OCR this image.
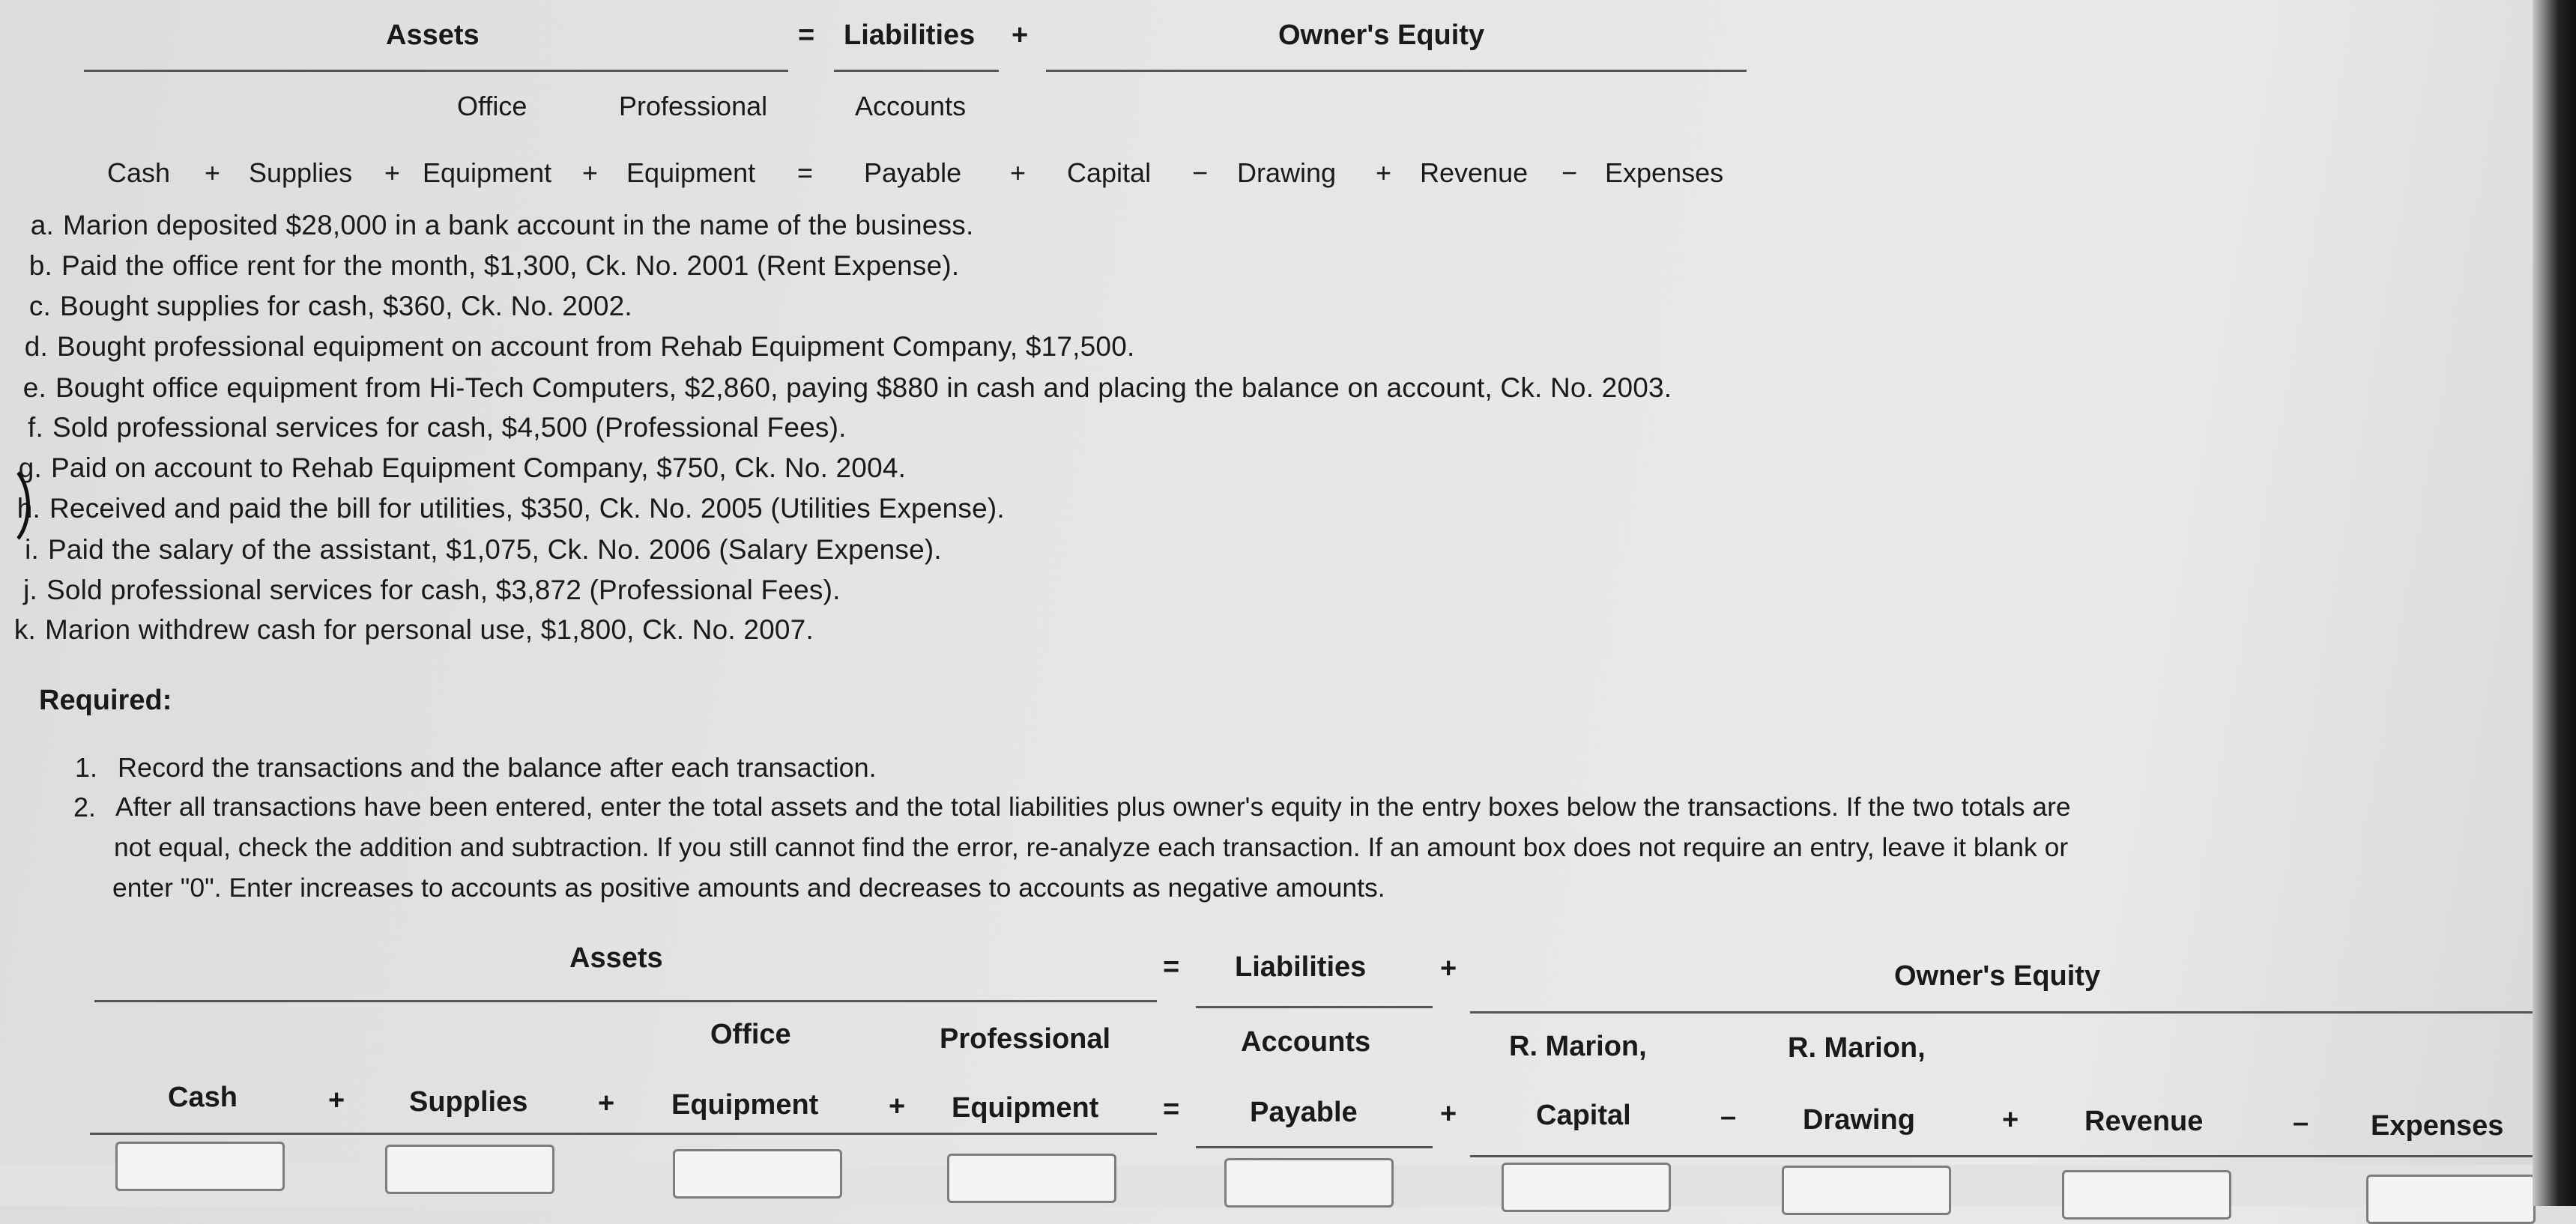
Assets	= Liabilities +	Owner's Equity
Office	Professional	Accounts
Cash + Supplies + Equipment + Equipment = Payable + Capital − Drawing + Revenue − Expenses
a. Marion deposited $28,000 in a bank account in the name of the business.
b. Paid the office rent for the month, $1,300, Ck. No. 2001 (Rent Expense).
c. Bought supplies for cash, $360, Ck. No. 2002.
d. Bought professional equipment on account from Rehab Equipment Company, $17,500.
e. Bought office equipment from Hi-Tech Computers, $2,860, paying $880 in cash and placing the balance on account, Ck. No. 2003.
f. Sold professional services for cash, $4,500 (Professional Fees).
g. Paid on account to Rehab Equipment Company, $750, Ck. No. 2004.
h. Received and paid the bill for utilities, $350, Ck. No. 2005 (Utilities Expense).
i. Paid the salary of the assistant, $1,075, Ck. No. 2006 (Salary Expense).
j. Sold professional services for cash, $3,872 (Professional Fees).
k. Marion withdrew cash for personal use, $1,800, Ck. No. 2007.
Required:
1. Record the transactions and the balance after each transaction.
2. After all transactions have been entered, enter the total assets and the total liabilities plus owner's equity in the entry boxes below the transactions. If the two totals are
not equal, check the addition and subtraction. If you still cannot find the error, re-analyze each transaction. If an amount box does not require an entry, leave it blank or
enter "0". Enter increases to accounts as positive amounts and decreases to accounts as negative amounts.
Assets	= Liabilities	+	Owner's Equity
Office	Professional	Accounts	R. Marion,	R. Marion,
Cash	+ Supplies + Equipment + Equipment = Payable	+	Capital	– Drawing	+ Revenue	– Expenses
